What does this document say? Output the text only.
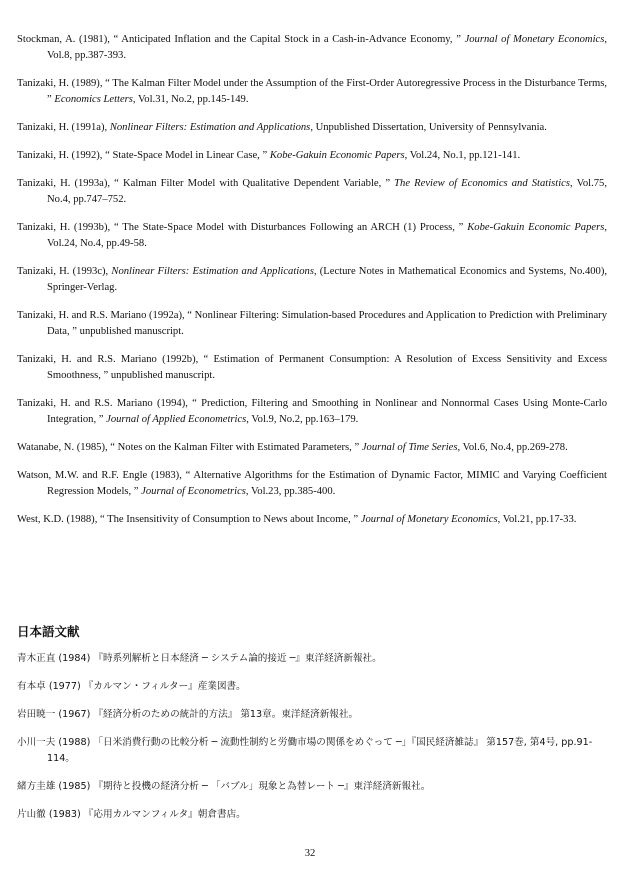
Stockman, A. (1981), “ Anticipated Inflation and the Capital Stock in a Cash-in-Advance Economy, ” Journal of Monetary Economics, Vol.8, pp.387-393.

Tanizaki, H. (1989), “ The Kalman Filter Model under the Assumption of the First-Order Autoregressive Process in the Disturbance Terms, ” Economics Letters, Vol.31, No.2, pp.145-149.

Tanizaki, H. (1991a), Nonlinear Filters: Estimation and Applications, Unpublished Dissertation, University of Pennsylvania.

Tanizaki, H. (1992), “ State-Space Model in Linear Case, ” Kobe-Gakuin Economic Papers, Vol.24, No.1, pp.121-141.

Tanizaki, H. (1993a), “ Kalman Filter Model with Qualitative Dependent Variable, ” The Review of Economics and Statistics, Vol.75, No.4, pp.747–752.

Tanizaki, H. (1993b), “ The State-Space Model with Disturbances Following an ARCH (1) Process, ” Kobe-Gakuin Economic Papers, Vol.24, No.4, pp.49-58.

Tanizaki, H. (1993c), Nonlinear Filters: Estimation and Applications, (Lecture Notes in Mathematical Economics and Systems, No.400), Springer-Verlag.

Tanizaki, H. and R.S. Mariano (1992a), “ Nonlinear Filtering: Simulation-based Procedures and Application to Prediction with Preliminary Data, ” unpublished manuscript.

Tanizaki, H. and R.S. Mariano (1992b), “ Estimation of Permanent Consumption: A Resolution of Excess Sensitivity and Excess Smoothness, ” unpublished manuscript.

Tanizaki, H. and R.S. Mariano (1994), “ Prediction, Filtering and Smoothing in Nonlinear and Nonnormal Cases Using Monte-Carlo Integration, ” Journal of Applied Econometrics, Vol.9, No.2, pp.163–179.

Watanabe, N. (1985), “ Notes on the Kalman Filter with Estimated Parameters, ” Journal of Time Series, Vol.6, No.4, pp.269-278.

Watson, M.W. and R.F. Engle (1983), “ Alternative Algorithms for the Estimation of Dynamic Factor, MIMIC and Varying Coefficient Regression Models, ” Journal of Econometrics, Vol.23, pp.385-400.

West, K.D. (1988), “ The Insensitivity of Consumption to News about Income, ” Journal of Monetary Economics, Vol.21, pp.17-33.

日本語文献

青木正直 (1984) 『時系列解析と日本経済 ─ システム論的接近 ─』東洋経済新報社。

有本卓 (1977) 『カルマン・フィルター』産業図書。

岩田暁一 (1967) 『経済分析のための統計的方法』 第13章。東洋経済新報社。

小川一夫 (1988) 「日米消費行動の比較分析 ─ 流動性制約と労働市場の関係をめぐって ─」『国民経済雑誌』 第157巻, 第4号, pp.91-114。

緒方圭雄 (1985) 『期待と投機の経済分析 ─ 「バブル」現象と為替レート ─』東洋経済新報社。

片山徹 (1983) 『応用カルマンフィルタ』朝倉書店。

32
